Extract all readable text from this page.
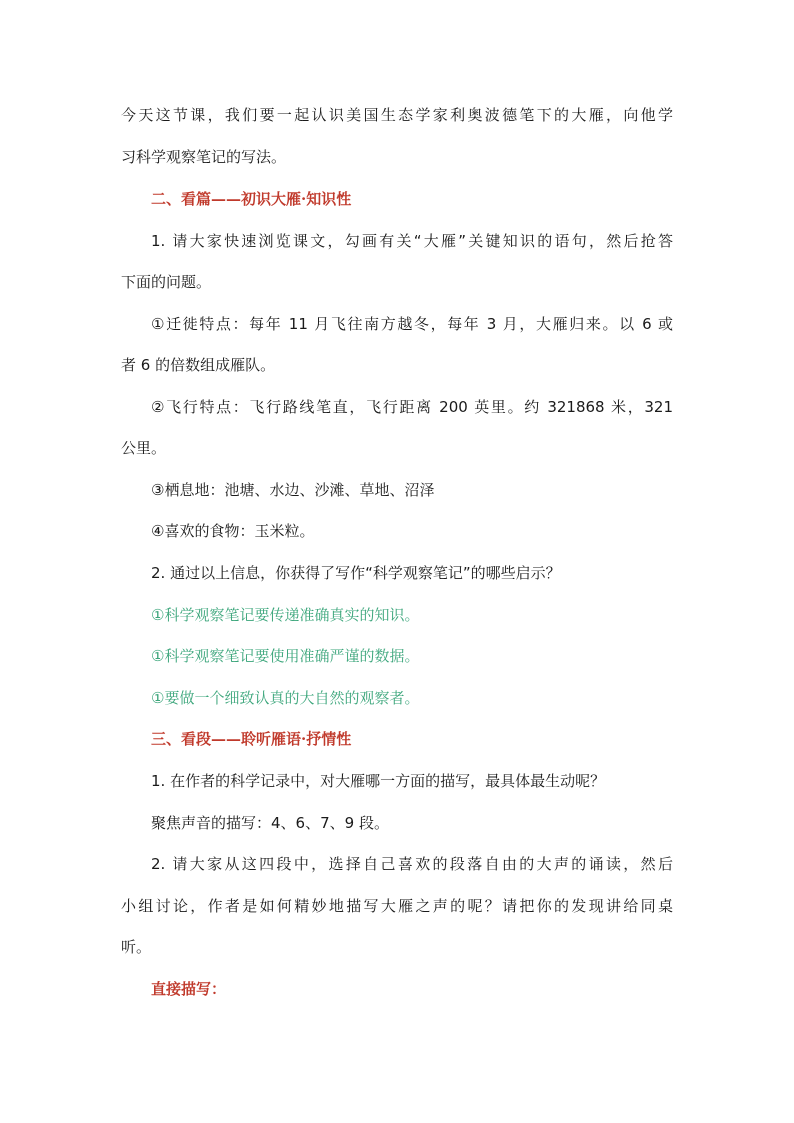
今天这节课，我们要一起认识美国生态学家利奥波德笔下的大雁，向他学

习科学观察笔记的写法。

二、看篇——初识大雁·知识性

1. 请大家快速浏览课文，勾画有关“大雁”关键知识的语句，然后抢答

下面的问题。

①迁徙特点：每年 11 月飞往南方越冬，每年 3 月，大雁归来。以 6 或

者 6 的倍数组成雁队。

②飞行特点：飞行路线笔直，飞行距离 200 英里。约 321868 米，321

公里。

③栖息地：池塘、水边、沙滩、草地、沼泽

④喜欢的食物：玉米粒。

2. 通过以上信息，你获得了写作“科学观察笔记”的哪些启示？

①科学观察笔记要传递准确真实的知识。

①科学观察笔记要使用准确严谨的数据。

①要做一个细致认真的大自然的观察者。

三、看段——聆听雁语·抒情性

1. 在作者的科学记录中，对大雁哪一方面的描写，最具体最生动呢？

聚焦声音的描写：4、6、7、9 段。

2. 请大家从这四段中，选择自己喜欢的段落自由的大声的诵读，然后

小组讨论，作者是如何精妙地描写大雁之声的呢？请把你的发现讲给同桌

听。

直接描写：
